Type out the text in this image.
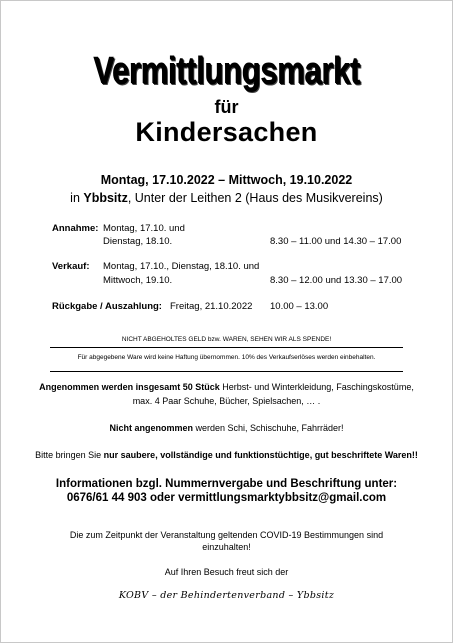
Vermittlungsmarkt
für
Kindersachen
Montag, 17.10.2022 – Mittwoch, 19.10.2022
in Ybbsitz, Unter der Leithen 2 (Haus des Musikvereins)
Annahme: Montag, 17.10. und
Dienstag, 18.10.	8.30 – 11.00 und 14.30 – 17.00
Verkauf: Montag, 17.10., Dienstag, 18.10. und
Mittwoch, 19.10.	8.30 – 12.00 und 13.30 – 17.00
Rückgabe / Auszahlung: Freitag, 21.10.2022 10.00 – 13.00
NICHT ABGEHOLTES GELD bzw. WAREN, SEHEN WIR ALS SPENDE!
Für abgegebene Ware wird keine Haftung übernommen. 10% des Verkaufserlöses werden einbehalten.
Angenommen werden insgesamt 50 Stück Herbst- und Winterkleidung, Faschingskostüme,
max. 4 Paar Schuhe, Bücher, Spielsachen, … .
Nicht angenommen werden Schi, Schischuhe, Fahrräder!
Bitte bringen Sie nur saubere, vollständige und funktionstüchtige, gut beschriftete Waren!!
Informationen bzgl. Nummernvergabe und Beschriftung unter:
0676/61 44 903 oder vermittlungsmarktybbsitz@gmail.com
Die zum Zeitpunkt der Veranstaltung geltenden COVID-19 Bestimmungen sind
einzuhalten!
Auf Ihren Besuch freut sich der
KOBV – der Behindertenverband – Ybbsitz
